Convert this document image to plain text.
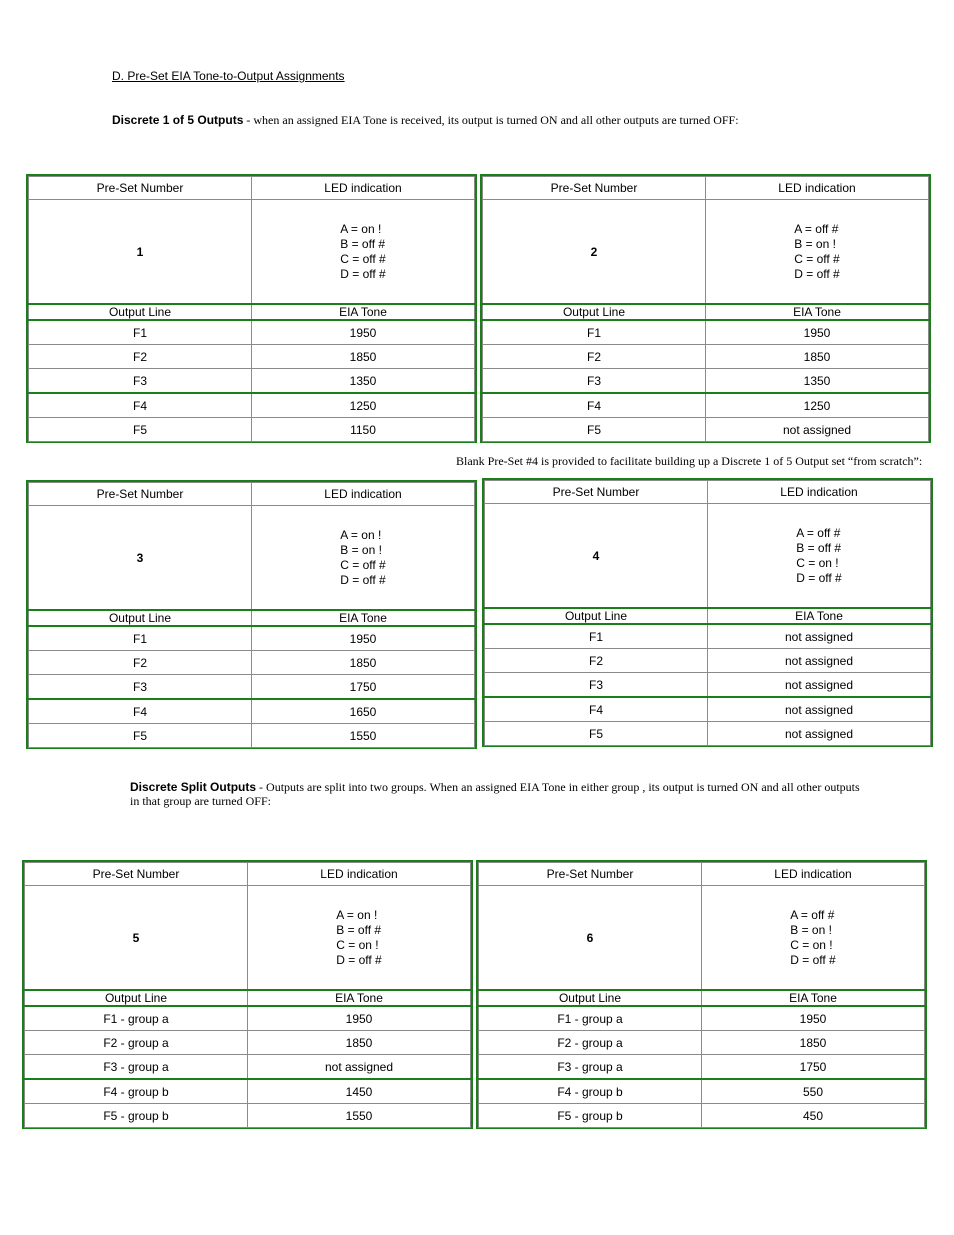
D. Pre-Set EIA Tone-to-Output Assignments
Discrete 1 of 5 Outputs - when an assigned EIA Tone is received, its output is turned ON and all other outputs are turned OFF:
Blank Pre-Set #4 is provided to facilitate building up a Discrete 1 of 5 Output set “from scratch”:
Discrete Split Outputs - Outputs are split into two groups. When an assigned EIA Tone in either group , its output is turned ON and all other outputs in that group are turned OFF:
Pre-Set Number	LED indication
1	A = on !
B = off #
C = off #
D = off #

Output Line	EIA Tone
F1	1950
F2	1850
F3	1350
F4	1250
F5	1150
Pre-Set Number	LED indication
2	A = off #
B = on !
C = off #
D = off #

Output Line	EIA Tone
F1	1950
F2	1850
F3	1350
F4	1250
F5	not assigned
Pre-Set Number	LED indication
3	A = on !
B = on !
C = off #
D = off #

Output Line	EIA Tone
F1	1950
F2	1850
F3	1750
F4	1650
F5	1550
Pre-Set Number	LED indication
4	A = off #
B = off #
C = on !
D = off #

Output Line	EIA Tone
F1	not assigned
F2	not assigned
F3	not assigned
F4	not assigned
F5	not assigned
Pre-Set Number	LED indication
5	A = on !
B = off #
C = on !
D = off #

Output Line	EIA Tone
F1 - group a	1950
F2 - group a	1850
F3 - group a	not assigned
F4 - group b	1450
F5 - group b	1550
Pre-Set Number	LED indication
6	A = off #
B = on !
C = on !
D = off #

Output Line	EIA Tone
F1 - group a	1950
F2 - group a	1850
F3 - group a	1750
F4 - group b	550
F5 - group b	450
